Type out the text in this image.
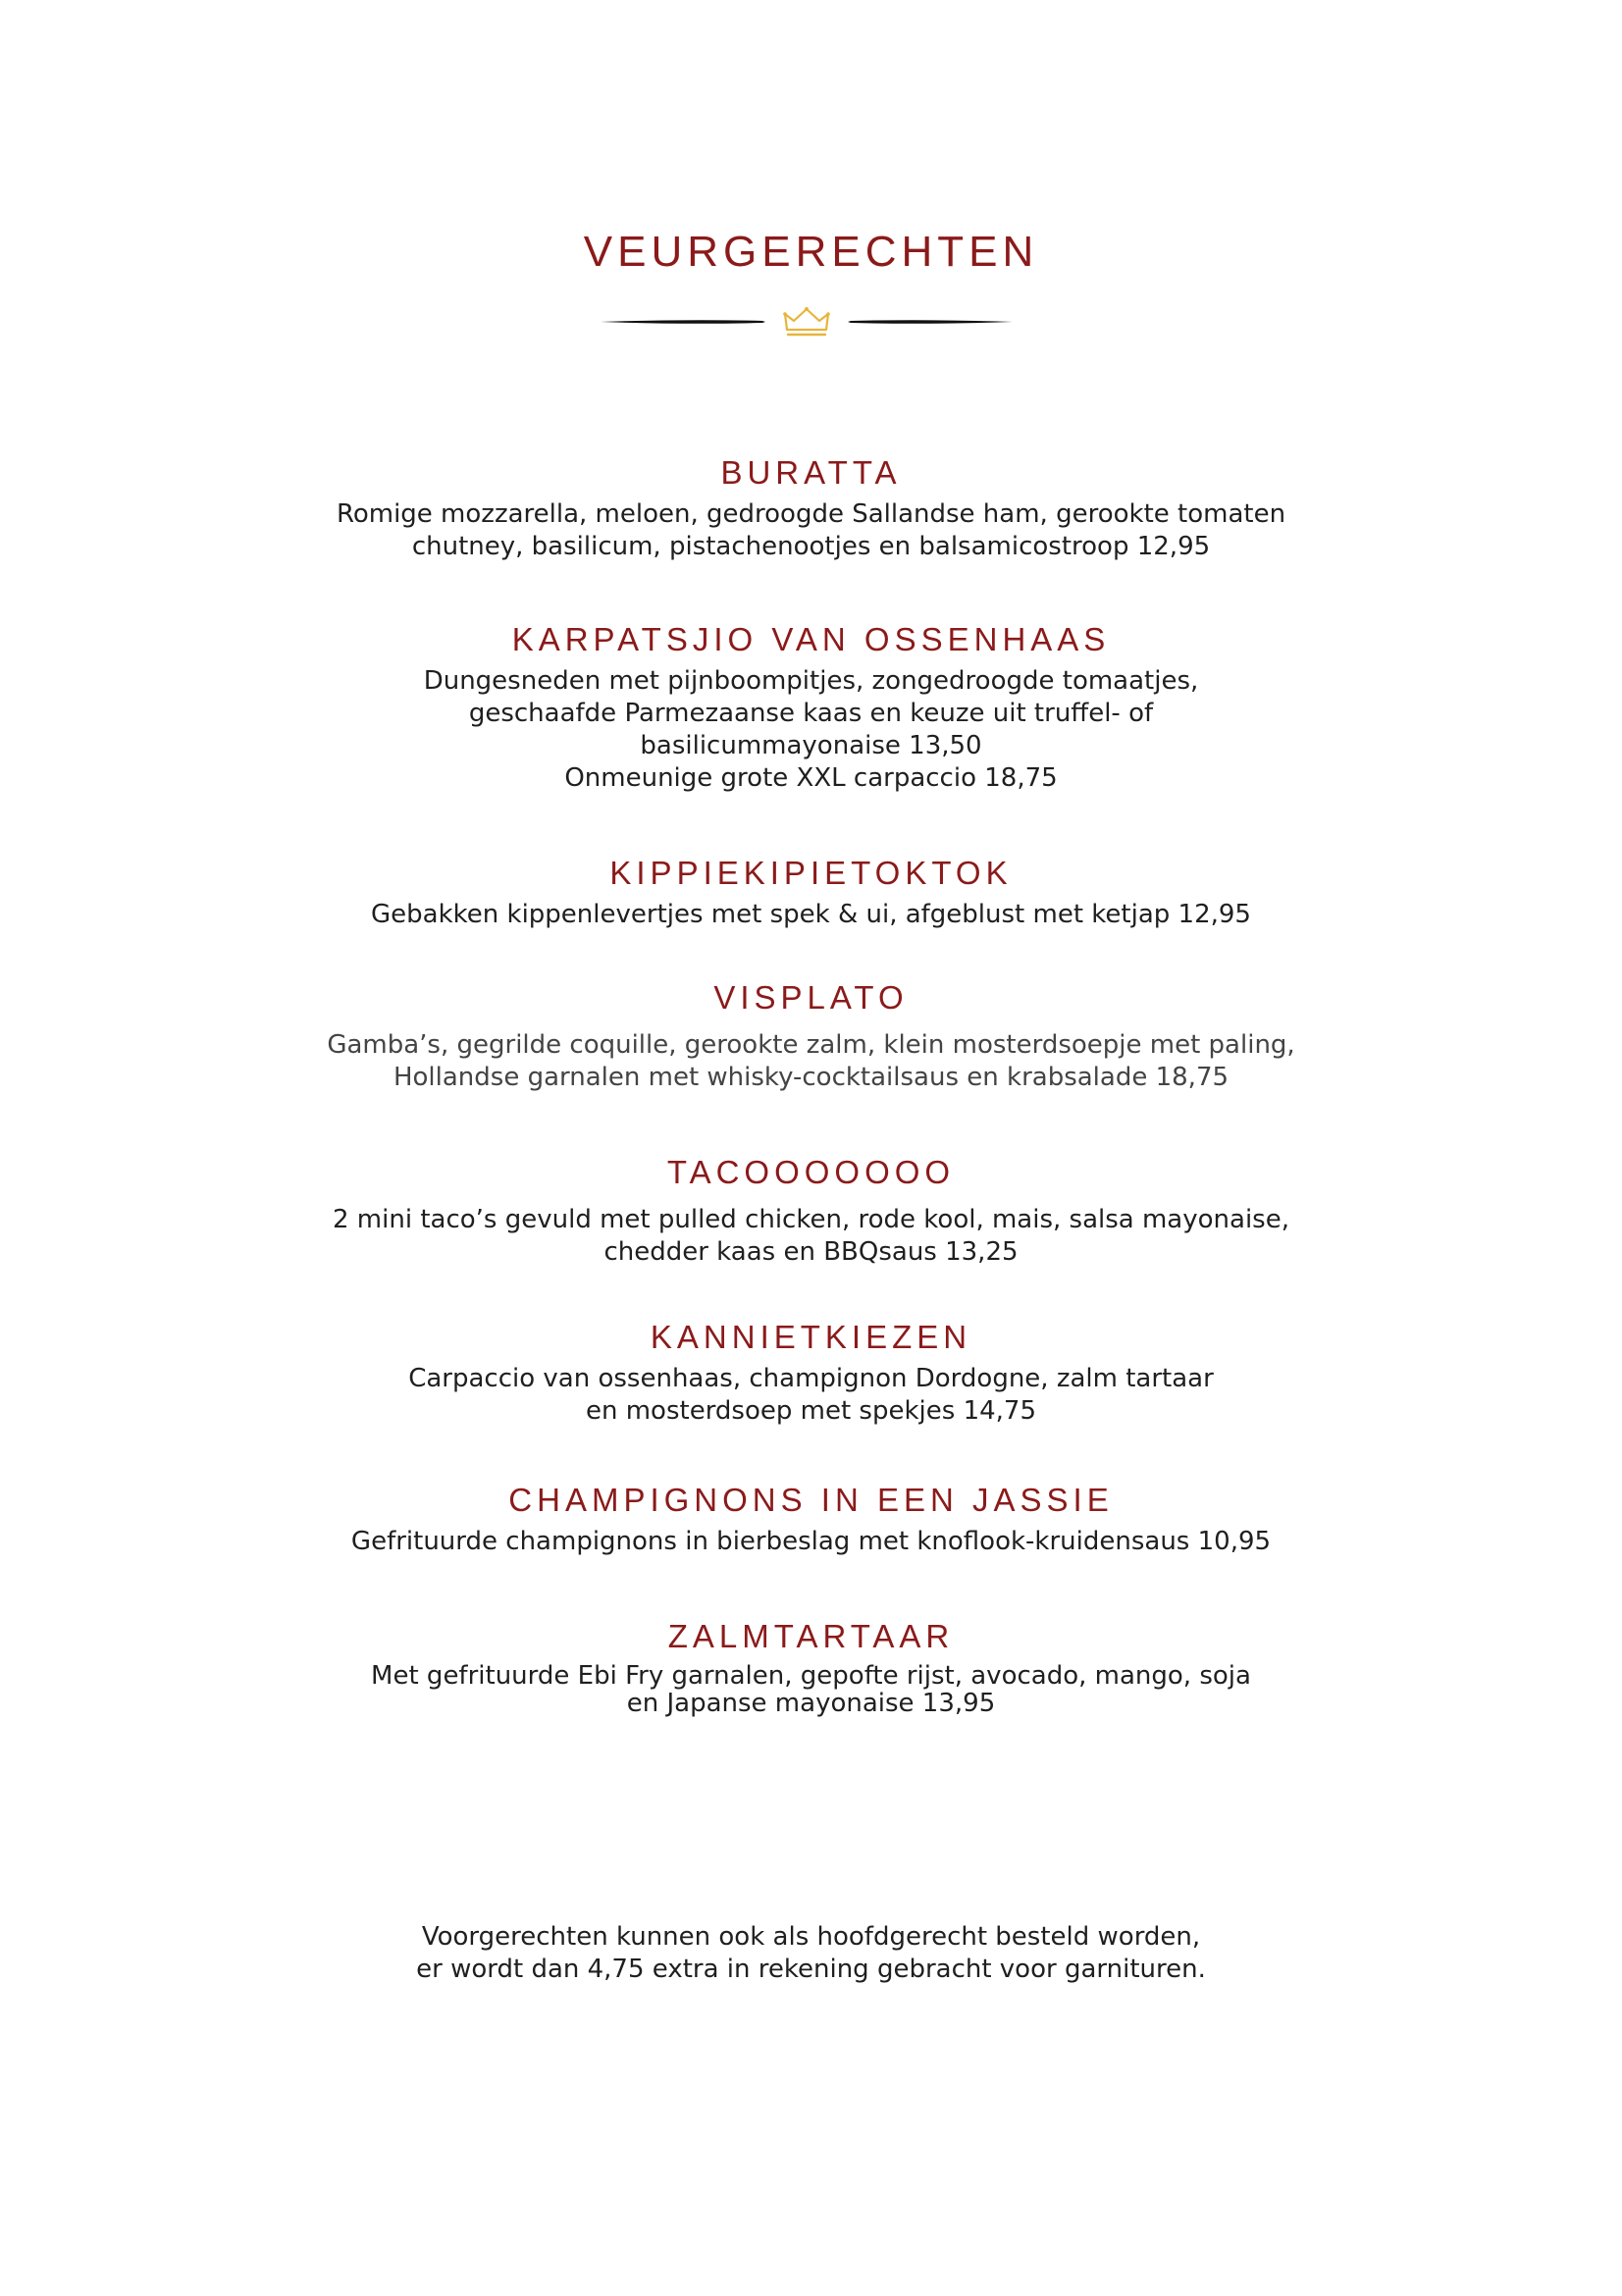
VEURGERECHTEN
BURATTA

Romige mozzarella, meloen, gedroogde Sallandse ham, gerookte tomaten

chutney, basilicum, pistachenootjes en balsamicostroop 12,95

KARPATSJIO VAN OSSENHAAS

Dungesneden met pijnboompitjes, zongedroogde tomaatjes,

geschaafde Parmezaanse kaas en keuze uit truffel- of

basilicummayonaise 13,50

Onmeunige grote XXL carpaccio 18,75

KIPPIEKIPIETOKTOK

Gebakken kippenlevertjes met spek & ui, afgeblust met ketjap 12,95

VISPLATO

Gamba’s, gegrilde coquille, gerookte zalm, klein mosterdsoepje met paling,

Hollandse garnalen met whisky-cocktailsaus en krabsalade 18,75

TACOOOOOOO

2 mini taco’s gevuld met pulled chicken, rode kool, mais, salsa mayonaise,

chedder kaas en BBQsaus 13,25

KANNIETKIEZEN

Carpaccio van ossenhaas, champignon Dordogne, zalm tartaar

en mosterdsoep met spekjes 14,75

CHAMPIGNONS IN EEN JASSIE

Gefrituurde champignons in bierbeslag met knoflook-kruidensaus 10,95

ZALMTARTAAR

Met gefrituurde Ebi Fry garnalen, gepofte rijst, avocado, mango, soja

en Japanse mayonaise 13,95

Voorgerechten kunnen ook als hoofdgerecht besteld worden,

er wordt dan 4,75 extra in rekening gebracht voor garnituren.
